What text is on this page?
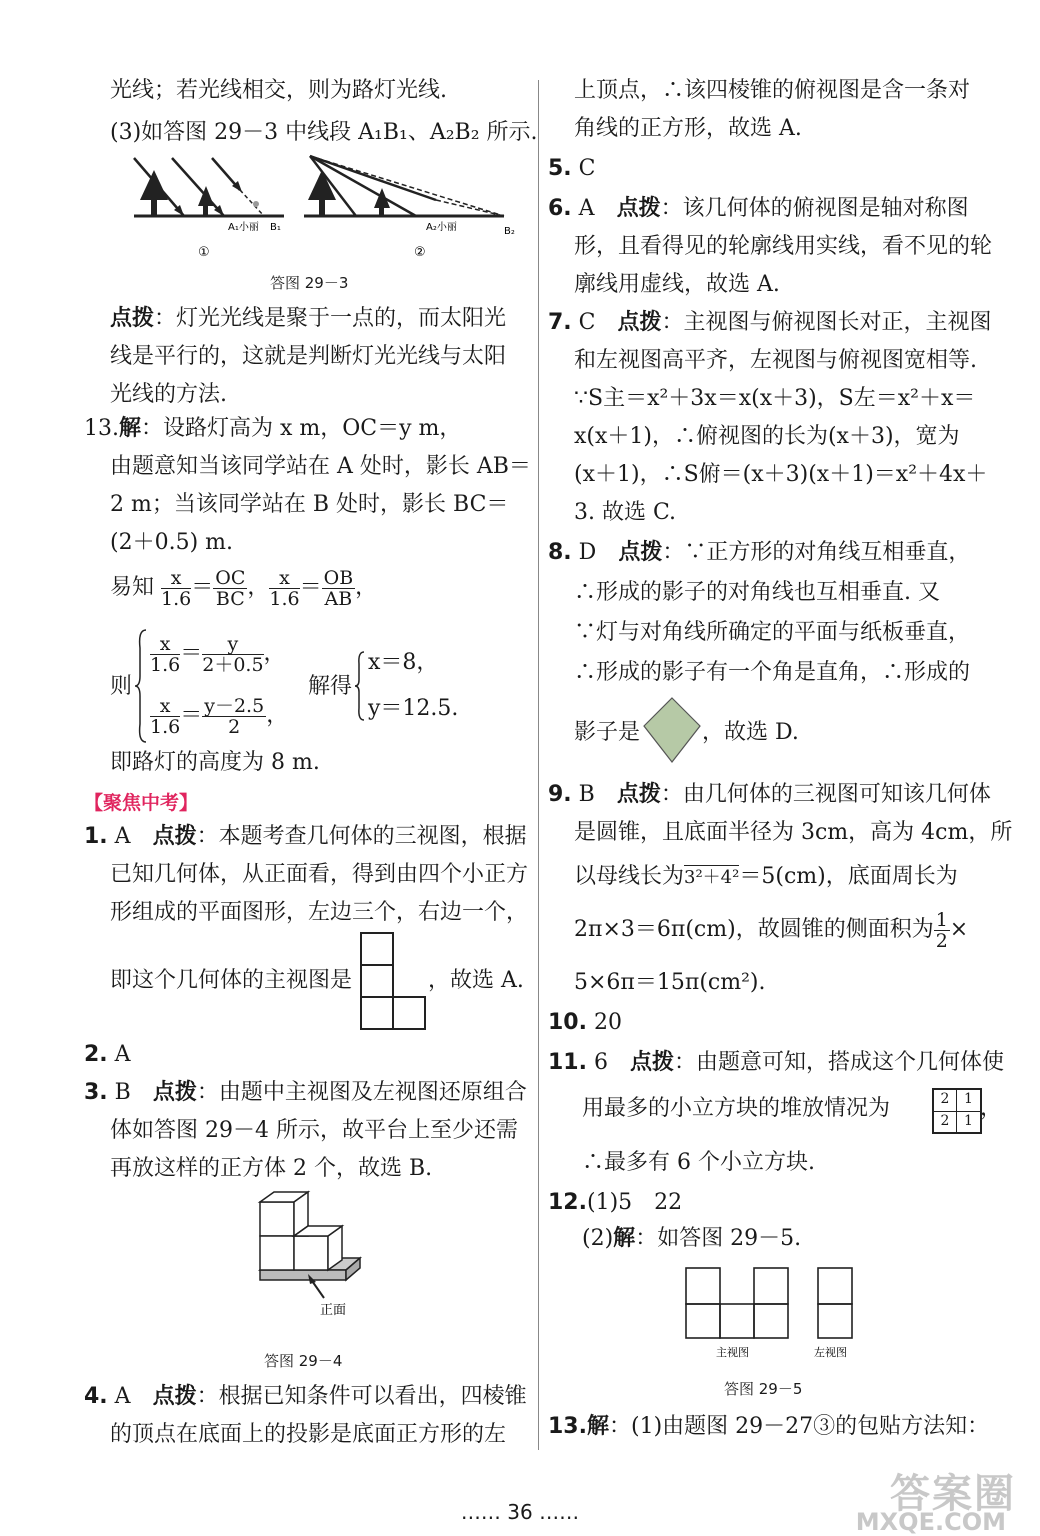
光线；若光线相交，则为路灯光线.
(3)如答图 29－3 中线段 A₁B₁、A₂B₂ 所示.
A₁小丽 B₁
①
A₂小丽	B₂
②
答图 29－3
点拨：灯光光线是聚于一点的，而太阳光
线是平行的，这就是判断灯光光线与太阳
光线的方法.
13.解：设路灯高为 x m，OC＝y m，
由题意知当该同学站在 A 处时，影长 AB＝
2 m；当该同学站在 B 处时，影长 BC＝
(2＋0.5) m.
易知 $\frac{x}{1.6} = \frac{OC}{BC}$ ， $\frac{x}{1.6} = \frac{OB}{AB}$ ，
则
$\frac{x}{1.6} = \frac{y}{2+0.5}$ ，
$\frac{x}{1.6} = \frac{y-2.5}{2}$ ，
解得
x＝8，
y＝12.5.
即路灯的高度为 8 m.
【聚焦中考】
1. A　 点拨：本题考查几何体的三视图，根据
已知几何体，从正面看，得到由四个小正方
形组成的平面图形，左边三个，右边一个，
即这个几何体的主视图是	，故选 A.
2. A
3. B　 点拨：由题中主视图及左视图还原组合
体如答图 29－4 所示，故平台上至少还需
再放这样的正方体 2 个，故选 B.
正面
答图 29－4
4. A　 点拨：根据已知条件可以看出，四棱锥
的顶点在底面上的投影是底面正方形的左
上顶点，∴该四棱锥的俯视图是含一条对
角线的正方形，故选 A.
5. C
6. A　 点拨：该几何体的俯视图是轴对称图
形，且看得见的轮廓线用实线，看不见的轮
廓线用虚线，故选 A.
7. C　 点拨：主视图与俯视图长对正，主视图
和左视图高平齐，左视图与俯视图宽相等.
∵S主＝x²＋3x＝x(x＋3)，S左＝x²＋x＝
x(x＋1)，∴俯视图的长为(x＋3)，宽为
(x＋1)，∴S俯＝(x＋3)(x＋1)＝x²＋4x＋
3. 故选 C.
8. D　 点拨：∵正方形的对角线互相垂直，
∴形成的影子的对角线也互相垂直. 又
∵灯与对角线所确定的平面与纸板垂直，
∴形成的影子有一个角是直角，∴形成的
影子是	，故选 D.
9. B　 点拨：由几何体的三视图可知该几何体
是圆锥，且底面半径为 3cm，高为 4cm，所
以母线长为3²＋4²＝5(cm)，底面周长为
2π×3＝6π(cm)，故圆锥的侧面积为 $\frac{1}{2}$ ×
5×6π＝15π(cm²).
10. 20
11. 6　 点拨：由题意可知，搭成这个几何体使
用最多的小立方块的堆放情况为	2	1
2	1 ，
∴最多有 6 个小立方块.
12.(1)5　22
(2)解：如答图 29－5.
主视图	左视图
答图 29－5
13.解：(1)由题图 29－27③的包贴方法知：
…… 36 ……	答案圈
MXQE.COM
